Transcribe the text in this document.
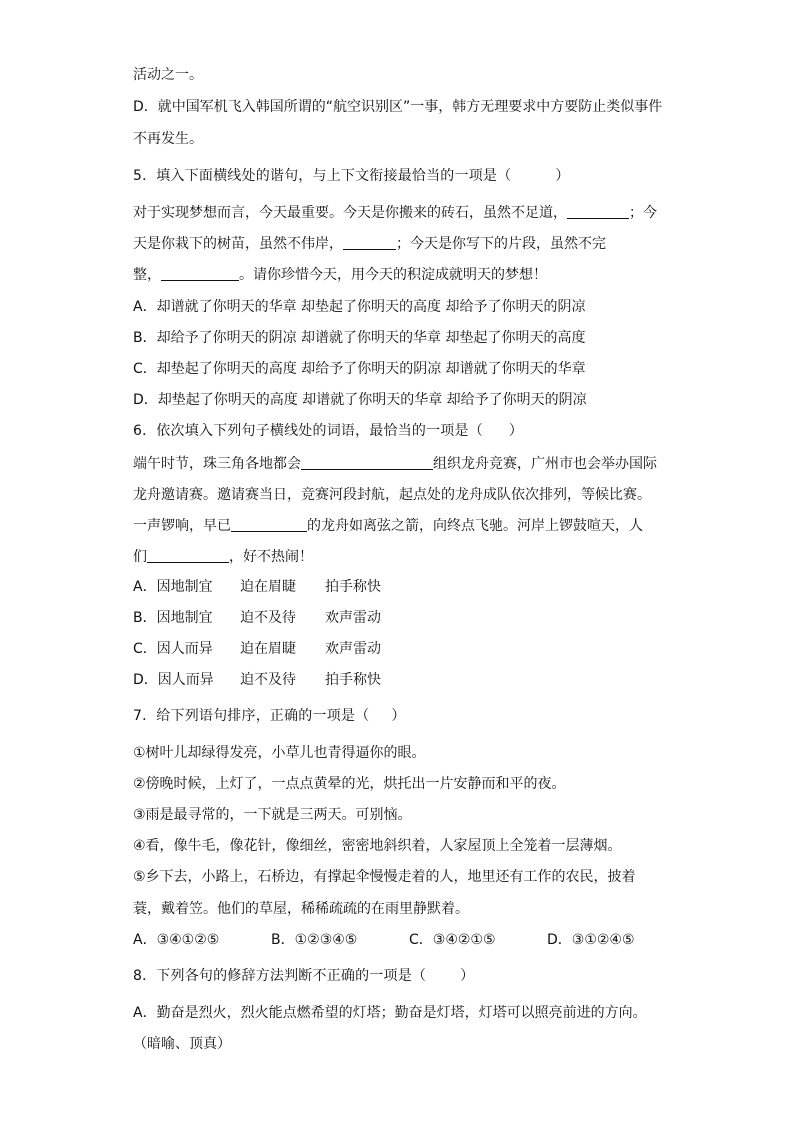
活动之一。
D．就中国军机飞入韩国所谓的“航空识别区”一事，韩方无理要求中方要防止类似事件
不再发生。
5．填入下面横线处的谐句，与上下文衔接最恰当的一项是（	）
对于实现梦想而言，今天最重要。今天是你搬来的砖石，虽然不足道，	；今
天是你栽下的树苗，虽然不伟岸，	；今天是你写下的片段，虽然不完
整，	。请你珍惜今天，用今天的积淀成就明天的梦想！
A．却谱就了你明天的华章 却垫起了你明天的高度 却给予了你明天的阴凉
B．却给予了你明天的阴凉 却谱就了你明天的华章 却垫起了你明天的高度
C．却垫起了你明天的高度 却给予了你明天的阴凉 却谱就了你明天的华章
D．却垫起了你明天的高度 却谱就了你明天的华章 却给予了你明天的阴凉
6．依次填入下列句子横线处的词语，最恰当的一项是（ ）
端午时节，珠三角各地都会	组织龙舟竞赛，广州市也会举办国际
龙舟邀请赛。邀请赛当日，竞赛河段封航，起点处的龙舟成队依次排列，等候比赛。
一声锣响，早已	的龙舟如离弦之箭，向终点飞驰。河岸上锣鼓喧天，人
们	，好不热闹！
A．因地制宜 迫在眉睫 拍手称快
B．因地制宜 迫不及待 欢声雷动
C．因人而异 迫在眉睫 欢声雷动
D．因人而异 迫不及待 拍手称快
7．给下列语句排序，正确的一项是（ ）
①树叶儿却绿得发亮，小草儿也青得逼你的眼。
②傍晚时候，上灯了，一点点黄晕的光，烘托出一片安静而和平的夜。
③雨是最寻常的，一下就是三两天。可别恼。
④看，像牛毛，像花针，像细丝，密密地斜织着，人家屋顶上全笼着一层薄烟。
⑤乡下去，小路上，石桥边，有撑起伞慢慢走着的人，地里还有工作的农民，披着
蓑，戴着笠。他们的草屋，稀稀疏疏的在雨里静默着。
A．③④①②⑤	B．①②③④⑤	C．③④②①⑤	D．③①②④⑤
8．下列各句的修辞方法判断不正确的一项是（ ）
A．勤奋是烈火，烈火能点燃希望的灯塔；勤奋是灯塔，灯塔可以照亮前进的方向。
（暗喻、顶真）
